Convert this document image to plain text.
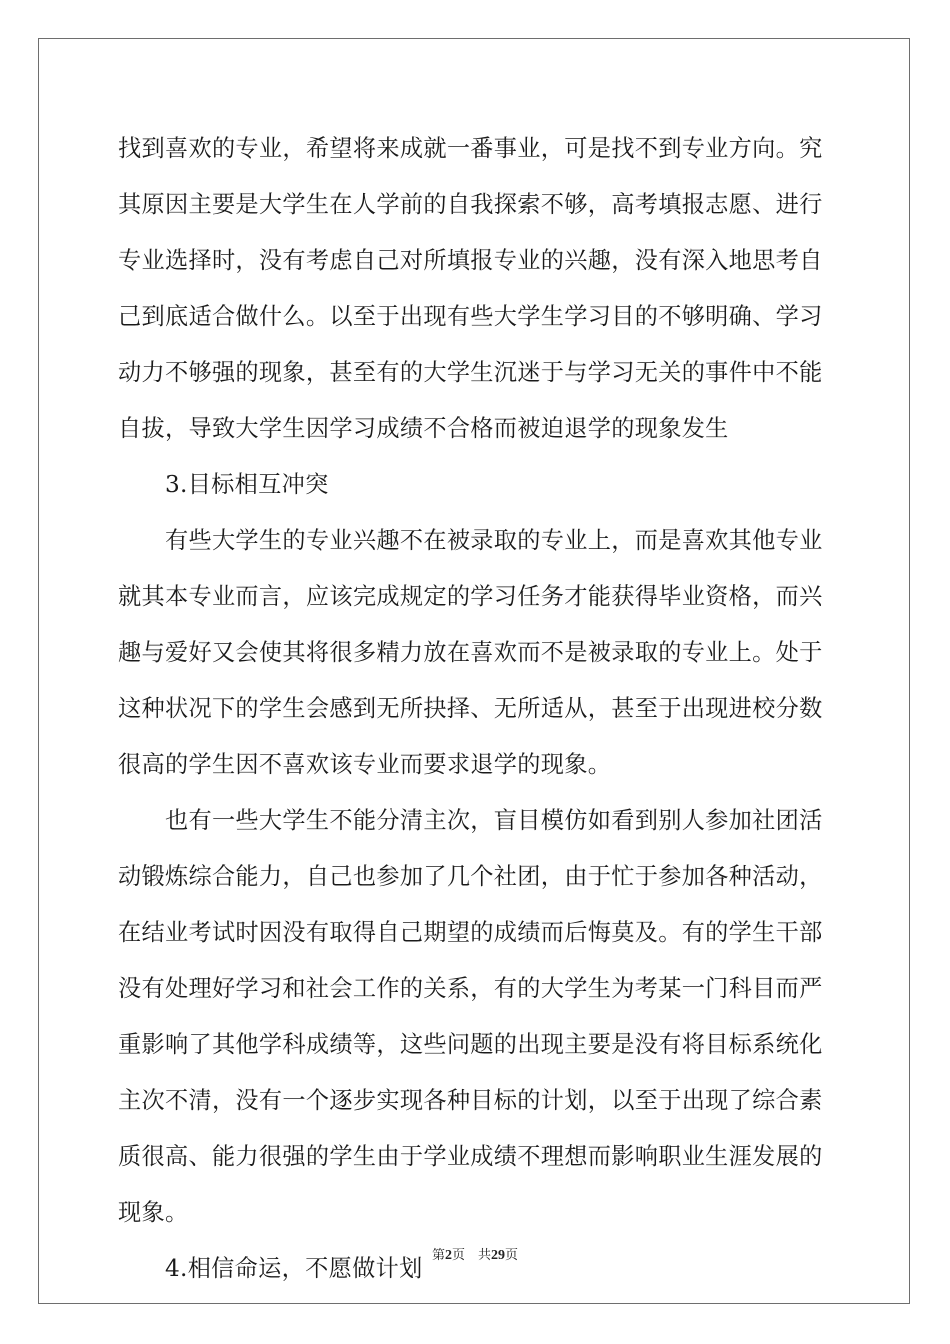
找到喜欢的专业，希望将来成就一番事业，可是找不到专业方向。究
其原因主要是大学生在人学前的自我探索不够，高考填报志愿、进行
专业选择时，没有考虑自己对所填报专业的兴趣，没有深入地思考自
己到底适合做什么。以至于出现有些大学生学习目的不够明确、学习
动力不够强的现象，甚至有的大学生沉迷于与学习无关的事件中不能
自拔，导致大学生因学习成绩不合格而被迫退学的现象发生
　　3.目标相互冲突
　　有些大学生的专业兴趣不在被录取的专业上，而是喜欢其他专业
就其本专业而言，应该完成规定的学习任务才能获得毕业资格，而兴
趣与爱好又会使其将很多精力放在喜欢而不是被录取的专业上。处于
这种状况下的学生会感到无所抉择、无所适从，甚至于出现进校分数
很高的学生因不喜欢该专业而要求退学的现象。
　　也有一些大学生不能分清主次，盲目模仿如看到别人参加社团活
动锻炼综合能力，自己也参加了几个社团，由于忙于参加各种活动，
在结业考试时因没有取得自己期望的成绩而后悔莫及。有的学生干部
没有处理好学习和社会工作的关系，有的大学生为考某一门科目而严
重影响了其他学科成绩等，这些问题的出现主要是没有将目标系统化
主次不清，没有一个逐步实现各种目标的计划，以至于出现了综合素
质很高、能力很强的学生由于学业成绩不理想而影响职业生涯发展的
现象。
　　4.相信命运，不愿做计划 第2页　共29页
